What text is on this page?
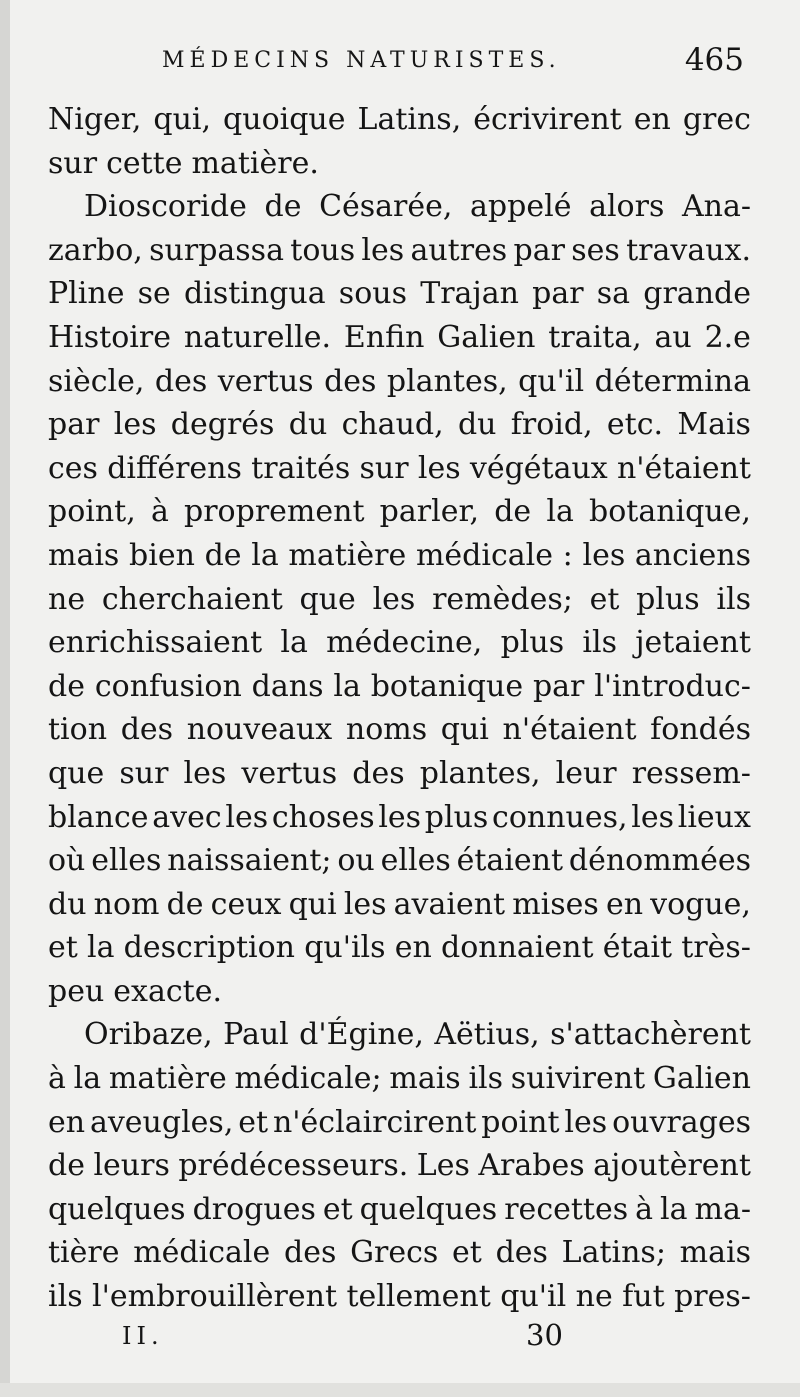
MÉDECINS NATURISTES.	465
Niger, qui, quoique Latins, écrivirent en grec
sur cette matière.
Dioscoride de Césarée, appelé alors Ana-
zarbo, surpassa tous les autres par ses travaux.
Pline se distingua sous Trajan par sa grande
Histoire naturelle. Enfin Galien traita, au 2.e
siècle, des vertus des plantes, qu'il détermina
par les degrés du chaud, du froid, etc. Mais
ces différens traités sur les végétaux n'étaient
point, à proprement parler, de la botanique,
mais bien de la matière médicale : les anciens
ne cherchaient que les remèdes; et plus ils
enrichissaient la médecine, plus ils jetaient
de confusion dans la botanique par l'introduc-
tion des nouveaux noms qui n'étaient fondés
que sur les vertus des plantes, leur ressem-
blance avec les choses les plus connues, les lieux
où elles naissaient; ou elles étaient dénommées
du nom de ceux qui les avaient mises en vogue,
et la description qu'ils en donnaient était très-
peu exacte.
Oribaze, Paul d'Égine, Aëtius, s'attachèrent
à la matière médicale; mais ils suivirent Galien
en aveugles, et n'éclaircirent point les ouvrages
de leurs prédécesseurs. Les Arabes ajoutèrent
quelques drogues et quelques recettes à la ma-
tière médicale des Grecs et des Latins; mais
ils l'embrouillèrent tellement qu'il ne fut pres-
II.	30
